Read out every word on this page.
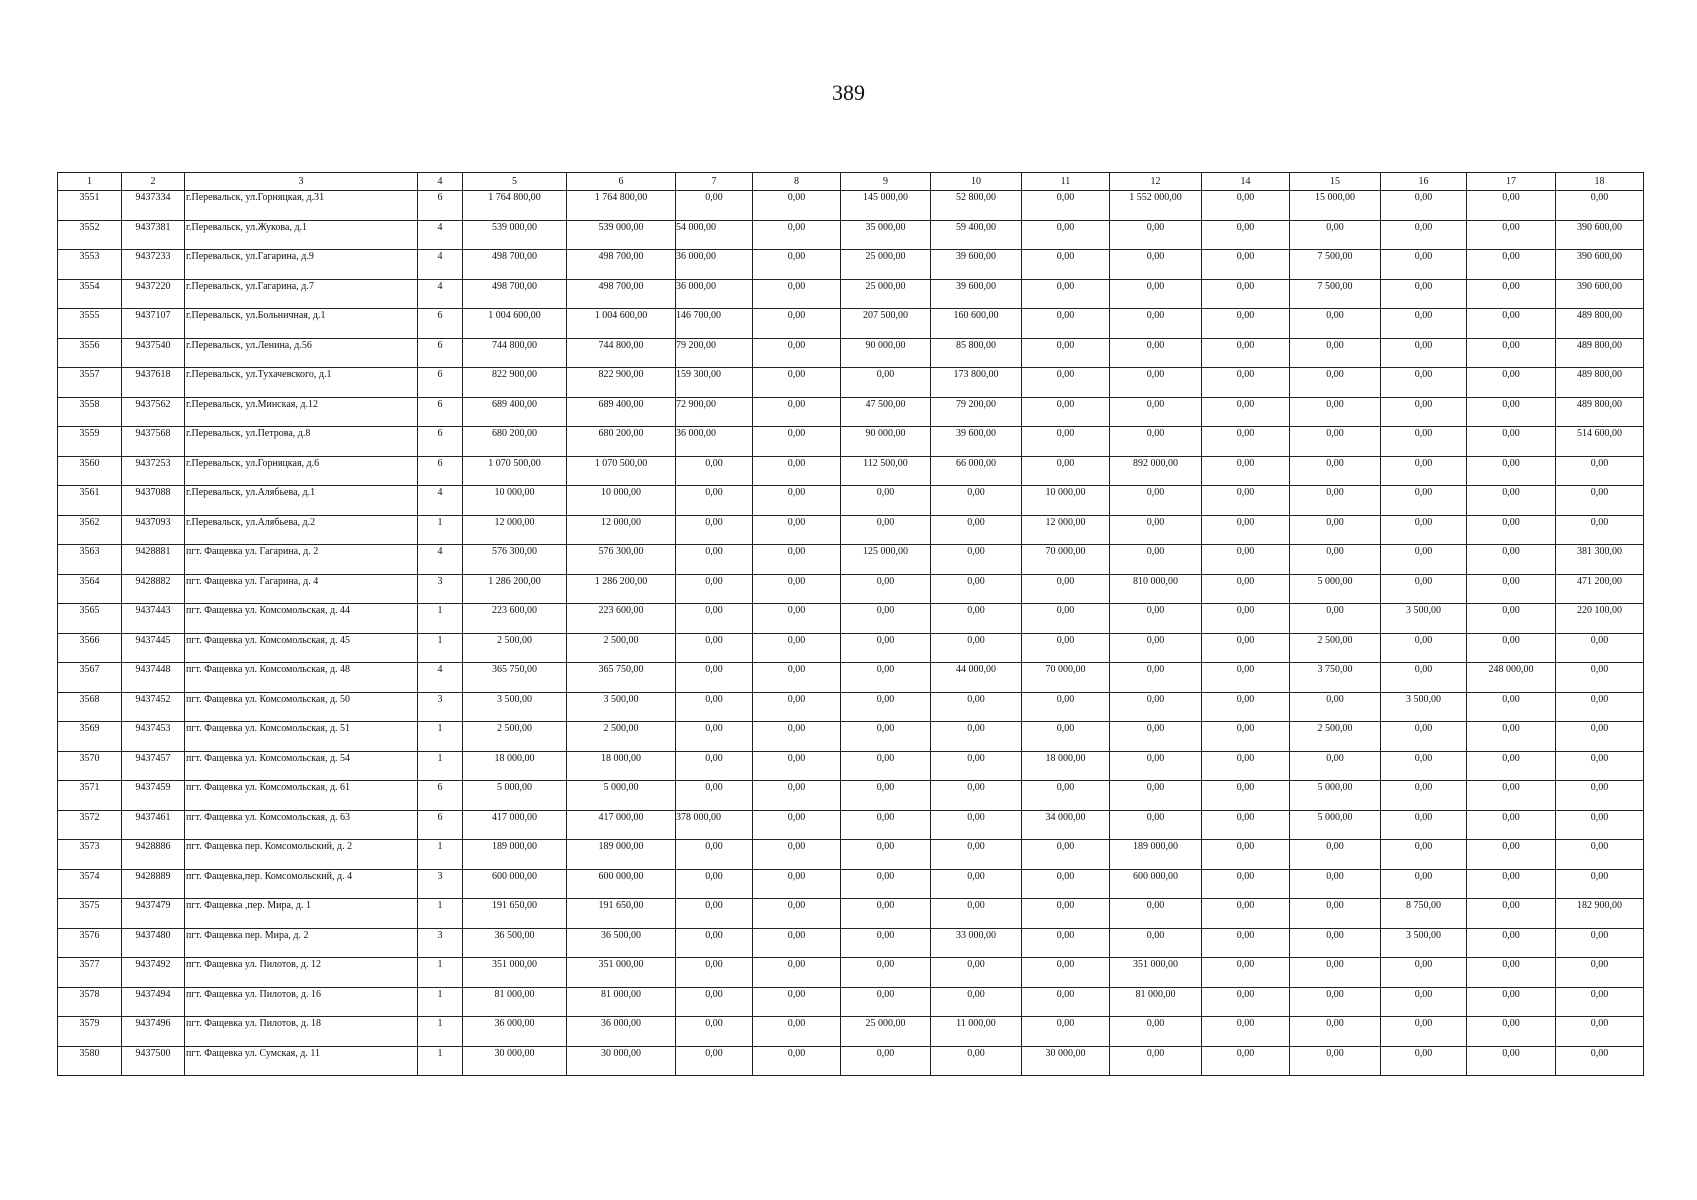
389
1	2	3	4	5	6	7	8	9	10	11	12	14	15	16	17	18
3551	9437334	г.Перевальск, ул.Горняцкая, д.31	6	1 764 800,00	1 764 800,00	0,00	0,00	145 000,00	52 800,00	0,00	1 552 000,00	0,00	15 000,00	0,00	0,00	0,00
3552	9437381	г.Перевальск, ул.Жукова, д.1	4	539 000,00	539 000,00	54 000,00	0,00	35 000,00	59 400,00	0,00	0,00	0,00	0,00	0,00	0,00	390 600,00
3553	9437233	г.Перевальск, ул.Гагарина, д.9	4	498 700,00	498 700,00	36 000,00	0,00	25 000,00	39 600,00	0,00	0,00	0,00	7 500,00	0,00	0,00	390 600,00
3554	9437220	г.Перевальск, ул.Гагарина, д.7	4	498 700,00	498 700,00	36 000,00	0,00	25 000,00	39 600,00	0,00	0,00	0,00	7 500,00	0,00	0,00	390 600,00
3555	9437107	г.Перевальск, ул.Больничная, д.1	6	1 004 600,00	1 004 600,00	146 700,00	0,00	207 500,00	160 600,00	0,00	0,00	0,00	0,00	0,00	0,00	489 800,00
3556	9437540	г.Перевальск, ул.Ленина, д.56	6	744 800,00	744 800,00	79 200,00	0,00	90 000,00	85 800,00	0,00	0,00	0,00	0,00	0,00	0,00	489 800,00
3557	9437618	г.Перевальск, ул.Тухачевского, д.1	6	822 900,00	822 900,00	159 300,00	0,00	0,00	173 800,00	0,00	0,00	0,00	0,00	0,00	0,00	489 800,00
3558	9437562	г.Перевальск, ул.Минская, д.12	6	689 400,00	689 400,00	72 900,00	0,00	47 500,00	79 200,00	0,00	0,00	0,00	0,00	0,00	0,00	489 800,00
3559	9437568	г.Перевальск, ул.Петрова, д.8	6	680 200,00	680 200,00	36 000,00	0,00	90 000,00	39 600,00	0,00	0,00	0,00	0,00	0,00	0,00	514 600,00
3560	9437253	г.Перевальск, ул.Горняцкая, д.6	6	1 070 500,00	1 070 500,00	0,00	0,00	112 500,00	66 000,00	0,00	892 000,00	0,00	0,00	0,00	0,00	0,00
3561	9437088	г.Перевальск, ул.Алябьева, д.1	4	10 000,00	10 000,00	0,00	0,00	0,00	0,00	10 000,00	0,00	0,00	0,00	0,00	0,00	0,00
3562	9437093	г.Перевальск, ул.Алябьева, д.2	1	12 000,00	12 000,00	0,00	0,00	0,00	0,00	12 000,00	0,00	0,00	0,00	0,00	0,00	0,00
3563	9428881	пгт. Фащевка ул. Гагарина, д. 2	4	576 300,00	576 300,00	0,00	0,00	125 000,00	0,00	70 000,00	0,00	0,00	0,00	0,00	0,00	381 300,00
3564	9428882	пгт. Фащевка ул. Гагарина, д. 4	3	1 286 200,00	1 286 200,00	0,00	0,00	0,00	0,00	0,00	810 000,00	0,00	5 000,00	0,00	0,00	471 200,00
3565	9437443	пгт. Фащевка ул. Комсомольская, д. 44	1	223 600,00	223 600,00	0,00	0,00	0,00	0,00	0,00	0,00	0,00	0,00	3 500,00	0,00	220 100,00
3566	9437445	пгт. Фащевка ул. Комсомольская, д. 45	1	2 500,00	2 500,00	0,00	0,00	0,00	0,00	0,00	0,00	0,00	2 500,00	0,00	0,00	0,00
3567	9437448	пгт. Фащевка ул. Комсомольская, д. 48	4	365 750,00	365 750,00	0,00	0,00	0,00	44 000,00	70 000,00	0,00	0,00	3 750,00	0,00	248 000,00	0,00
3568	9437452	пгт. Фащевка ул. Комсомольская, д. 50	3	3 500,00	3 500,00	0,00	0,00	0,00	0,00	0,00	0,00	0,00	0,00	3 500,00	0,00	0,00
3569	9437453	пгт. Фащевка ул. Комсомольская, д. 51	1	2 500,00	2 500,00	0,00	0,00	0,00	0,00	0,00	0,00	0,00	2 500,00	0,00	0,00	0,00
3570	9437457	пгт. Фащевка ул. Комсомольская, д. 54	1	18 000,00	18 000,00	0,00	0,00	0,00	0,00	18 000,00	0,00	0,00	0,00	0,00	0,00	0,00
3571	9437459	пгт. Фащевка ул. Комсомольская, д. 61	6	5 000,00	5 000,00	0,00	0,00	0,00	0,00	0,00	0,00	0,00	5 000,00	0,00	0,00	0,00
3572	9437461	пгт. Фащевка ул. Комсомольская, д. 63	6	417 000,00	417 000,00	378 000,00	0,00	0,00	0,00	34 000,00	0,00	0,00	5 000,00	0,00	0,00	0,00
3573	9428886	пгт. Фащевка пер. Комсомольский, д. 2	1	189 000,00	189 000,00	0,00	0,00	0,00	0,00	0,00	189 000,00	0,00	0,00	0,00	0,00	0,00
3574	9428889	пгт. Фащевка,пер. Комсомольский, д. 4	3	600 000,00	600 000,00	0,00	0,00	0,00	0,00	0,00	600 000,00	0,00	0,00	0,00	0,00	0,00
3575	9437479	пгт. Фащевка ,пер. Мира, д. 1	1	191 650,00	191 650,00	0,00	0,00	0,00	0,00	0,00	0,00	0,00	0,00	8 750,00	0,00	182 900,00
3576	9437480	пгт. Фащевка пер. Мира, д. 2	3	36 500,00	36 500,00	0,00	0,00	0,00	33 000,00	0,00	0,00	0,00	0,00	3 500,00	0,00	0,00
3577	9437492	пгт. Фащевка ул. Пилотов, д. 12	1	351 000,00	351 000,00	0,00	0,00	0,00	0,00	0,00	351 000,00	0,00	0,00	0,00	0,00	0,00
3578	9437494	пгт. Фащевка ул. Пилотов, д. 16	1	81 000,00	81 000,00	0,00	0,00	0,00	0,00	0,00	81 000,00	0,00	0,00	0,00	0,00	0,00
3579	9437496	пгт. Фащевка ул. Пилотов, д. 18	1	36 000,00	36 000,00	0,00	0,00	25 000,00	11 000,00	0,00	0,00	0,00	0,00	0,00	0,00	0,00
3580	9437500	пгт. Фащевка ул. Сумская, д. 11	1	30 000,00	30 000,00	0,00	0,00	0,00	0,00	30 000,00	0,00	0,00	0,00	0,00	0,00	0,00
